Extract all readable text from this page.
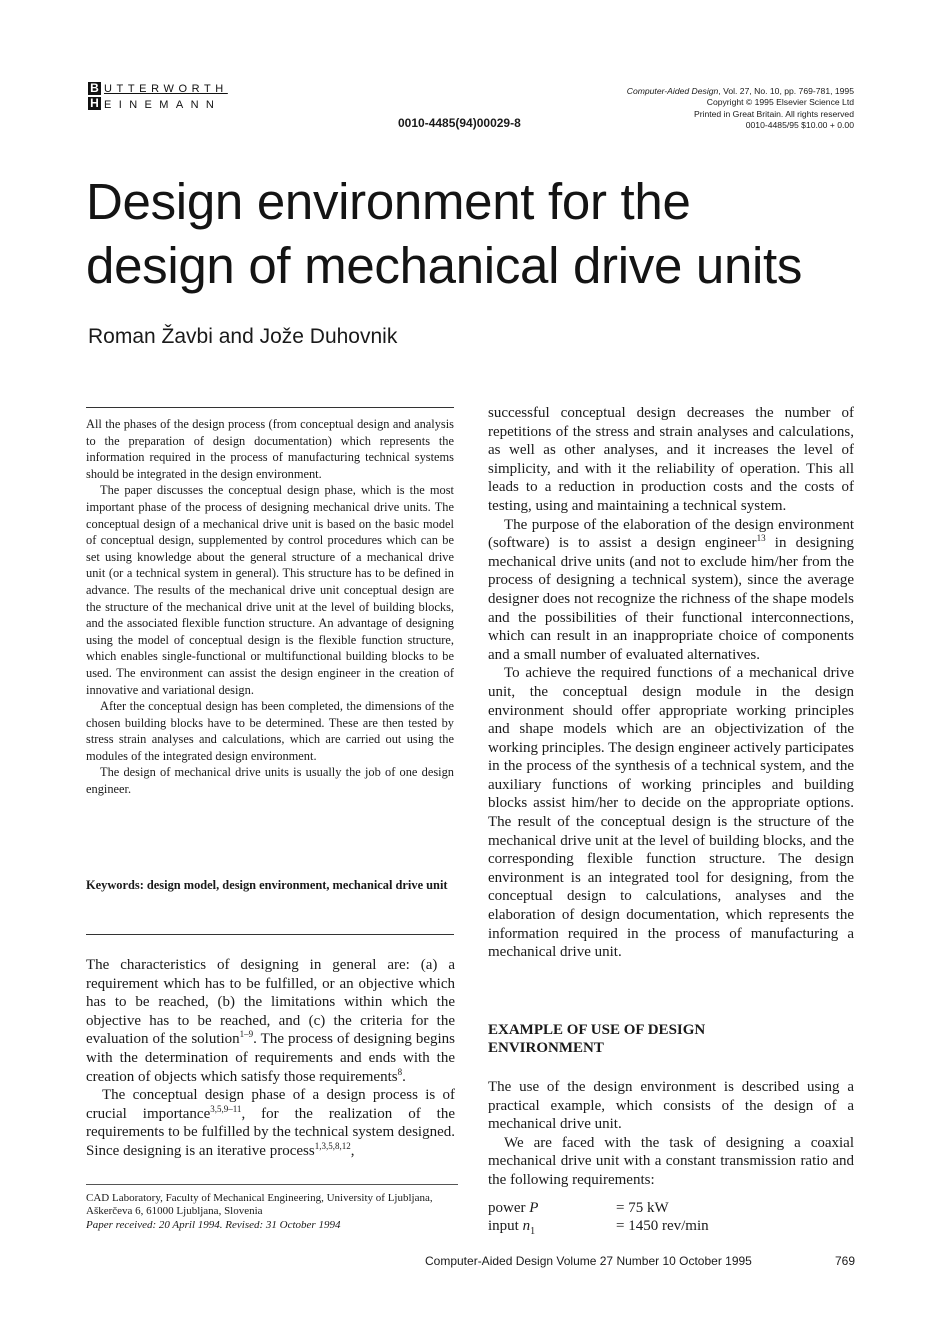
B
H
UTTERWORTH
EINEMANN
0010-4485(94)00029-8
Computer-Aided Design, Vol. 27, No. 10, pp. 769-781, 1995
Copyright © 1995 Elsevier Science Ltd
Printed in Great Britain. All rights reserved
0010-4485/95 $10.00 + 0.00
Design environment for the
design of mechanical drive units
Roman Žavbi and Jože Duhovnik

All the phases of the design process (from conceptual design and analysis to the preparation of design documentation) which represents the information required in the process of manufacturing technical systems should be integrated in the design environment.

The paper discusses the conceptual design phase, which is the most important phase of the process of designing mechanical drive units. The conceptual design of a mechanical drive unit is based on the basic model of conceptual design, supplemented by control procedures which can be set using knowledge about the general structure of a mechanical drive unit (or a technical system in general). This structure has to be defined in advance. The results of the mechanical drive unit conceptual design are the structure of the mechanical drive unit at the level of building blocks, and the associated flexible function structure. An advantage of designing using the model of conceptual design is the flexible function structure, which enables single-functional or multifunctional building blocks to be used. The environment can assist the design engineer in the creation of innovative and variational design.

After the conceptual design has been completed, the dimensions of the chosen building blocks have to be determined. These are then tested by stress strain analyses and calculations, which are carried out using the modules of the integrated design environment.

The design of mechanical drive units is usually the job of one design engineer.

Keywords: design model, design environment, mechanical drive unit

The characteristics of designing in general are: (a) a requirement which has to be fulfilled, or an objective which has to be reached, (b) the limitations within which the objective has to be reached, and (c) the criteria for the evaluation of the solution$^{1-9}$. The process of designing begins with the determination of requirements and ends with the creation of objects which satisfy those requirements$^8$.

The conceptual design phase of a design process is of crucial importance$^{3,5,9-11}$, for the realization of the requirements to be fulfilled by the technical system designed. Since designing is an iterative process$^{1,3,5,8,12}$,

CAD Laboratory, Faculty of Mechanical Engineering, University of Ljubljana, Aškerčeva 6, 61000 Ljubljana, Slovenia
Paper received: 20 April 1994. Revised: 31 October 1994

successful conceptual design decreases the number of repetitions of the stress and strain analyses and calculations, as well as other analyses, and it increases the level of simplicity, and with it the reliability of operation. This all leads to a reduction in production costs and the costs of testing, using and maintaining a technical system.

The purpose of the elaboration of the design environment (software) is to assist a design engineer$^{13}$ in designing mechanical drive units (and not to exclude him/her from the process of designing a technical system), since the average designer does not recognize the richness of the shape models and the possibilities of their functional interconnections, which can result in an inappropriate choice of components and a small number of evaluated alternatives.

To achieve the required functions of a mechanical drive unit, the conceptual design module in the design environment should offer appropriate working principles and shape models which are an objectivization of the working principles. The design engineer actively participates in the process of the synthesis of a technical system, and the auxiliary functions of working principles and building blocks assist him/her to decide on the appropriate options. The result of the conceptual design is the structure of the mechanical drive unit at the level of building blocks, and the corresponding flexible function structure. The design environment is an integrated tool for designing, from the conceptual design to calculations, analyses and the elaboration of design documentation, which represents the information required in the process of manufacturing a mechanical drive unit.

EXAMPLE OF USE OF DESIGN
ENVIRONMENT

The use of the design environment is described using a practical example, which consists of the design of a mechanical drive unit.

We are faced with the task of designing a coaxial mechanical drive unit with a constant transmission ratio and the following requirements:

power P	= 75 kW
input $n_1$	= 1450 rev/min
Computer-Aided Design Volume 27 Number 10 October 1995	769
